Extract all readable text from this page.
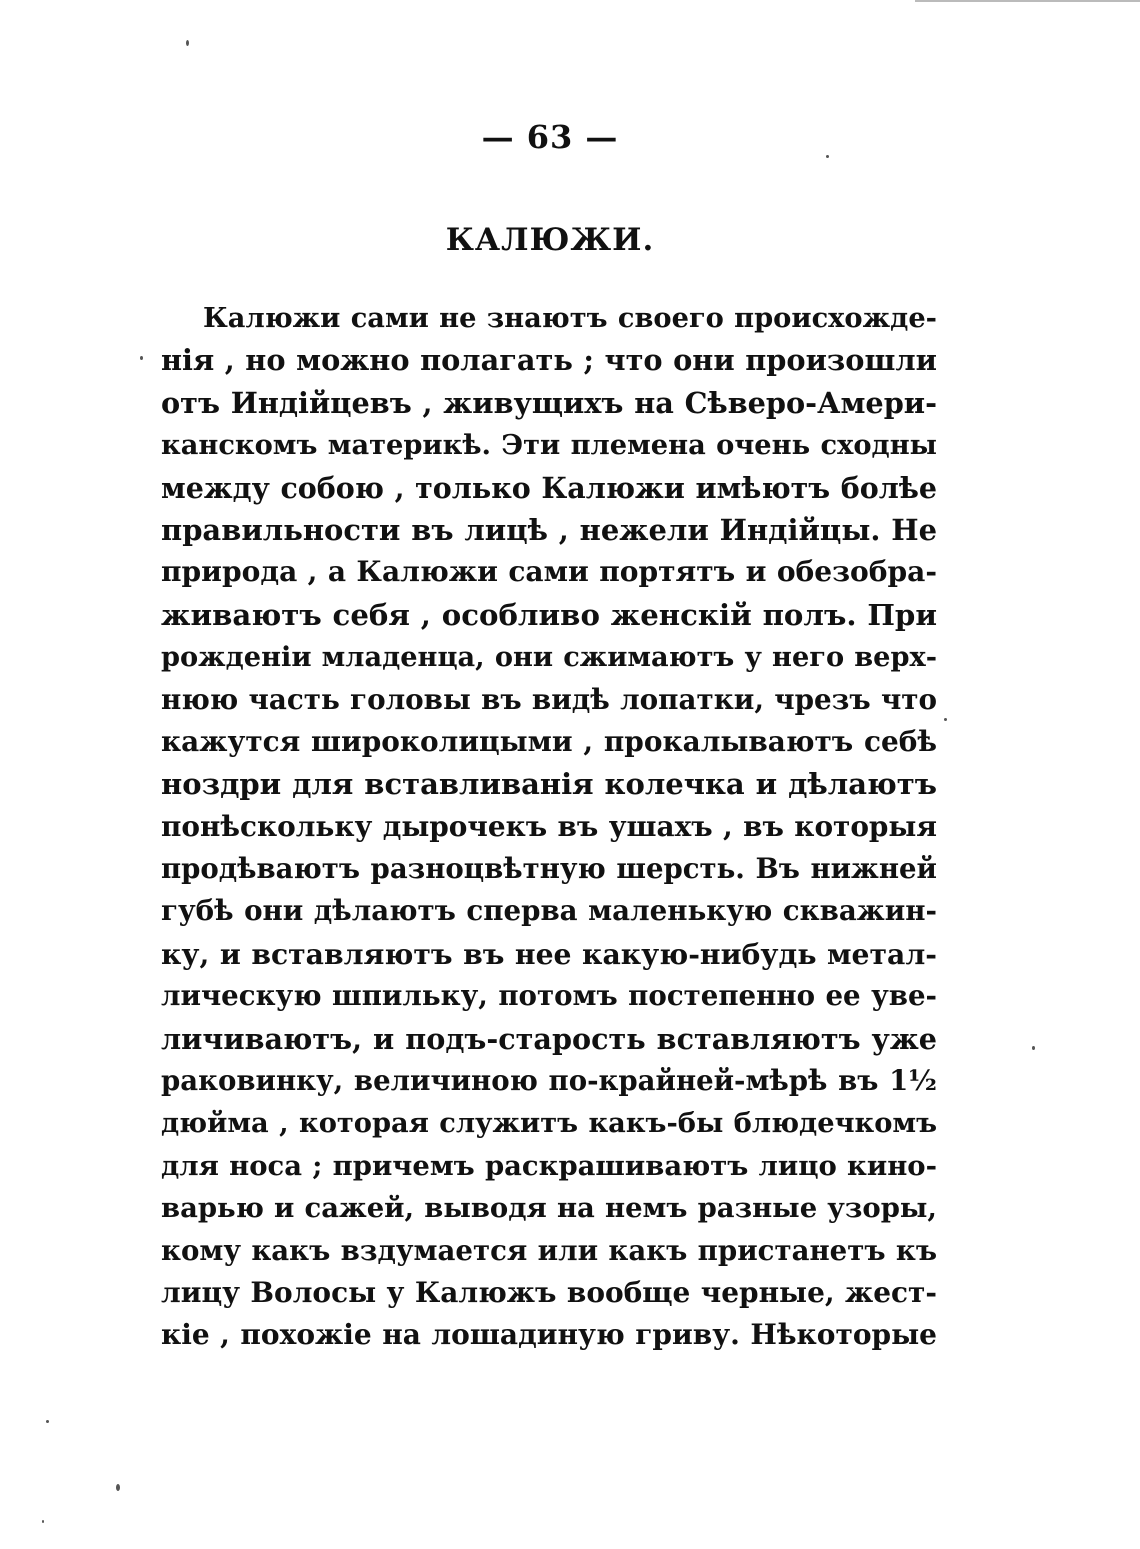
— 63 —
КАЛЮЖИ.
Калюжи сами не знаютъ своего происхожде-
нія , но можно полагать ; что они произошли
отъ Индійцевъ , живущихъ на Сѣверо-Амери-
канскомъ материкѣ. Эти племена очень сходны
между собою , только Калюжи имѣютъ болѣе
правильности въ лицѣ , нежели Индійцы. Не
природа , а Калюжи сами портятъ и обезобра-
живаютъ себя , особливо женскій полъ. При
рожденіи младенца, они сжимаютъ у него верх-
нюю часть головы въ видѣ лопатки, чрезъ что
кажутся широколицыми , прокалываютъ себѣ
ноздри для вставливанія колечка и дѣлаютъ
понѣскольку дырочекъ въ ушахъ , въ которыя
продѣваютъ разноцвѣтную шерсть. Въ нижней
губѣ они дѣлаютъ сперва маленькую скважин-
ку, и вставляютъ въ нее какую-нибудь метал-
лическую шпильку, потомъ постепенно ее уве-
личиваютъ, и подъ-старость вставляютъ уже
раковинку, величиною по-крайней-мѣрѣ въ 1½
дюйма , которая служитъ какъ-бы блюдечкомъ
для носа ; причемъ раскрашиваютъ лицо кино-
варью и сажей, выводя на немъ разные узоры,
кому какъ вздумается или какъ пристанетъ къ
лицу Волосы у Калюжъ вообще черные, жест-
кіе , похожіе на лошадиную гриву. Нѣкоторые
